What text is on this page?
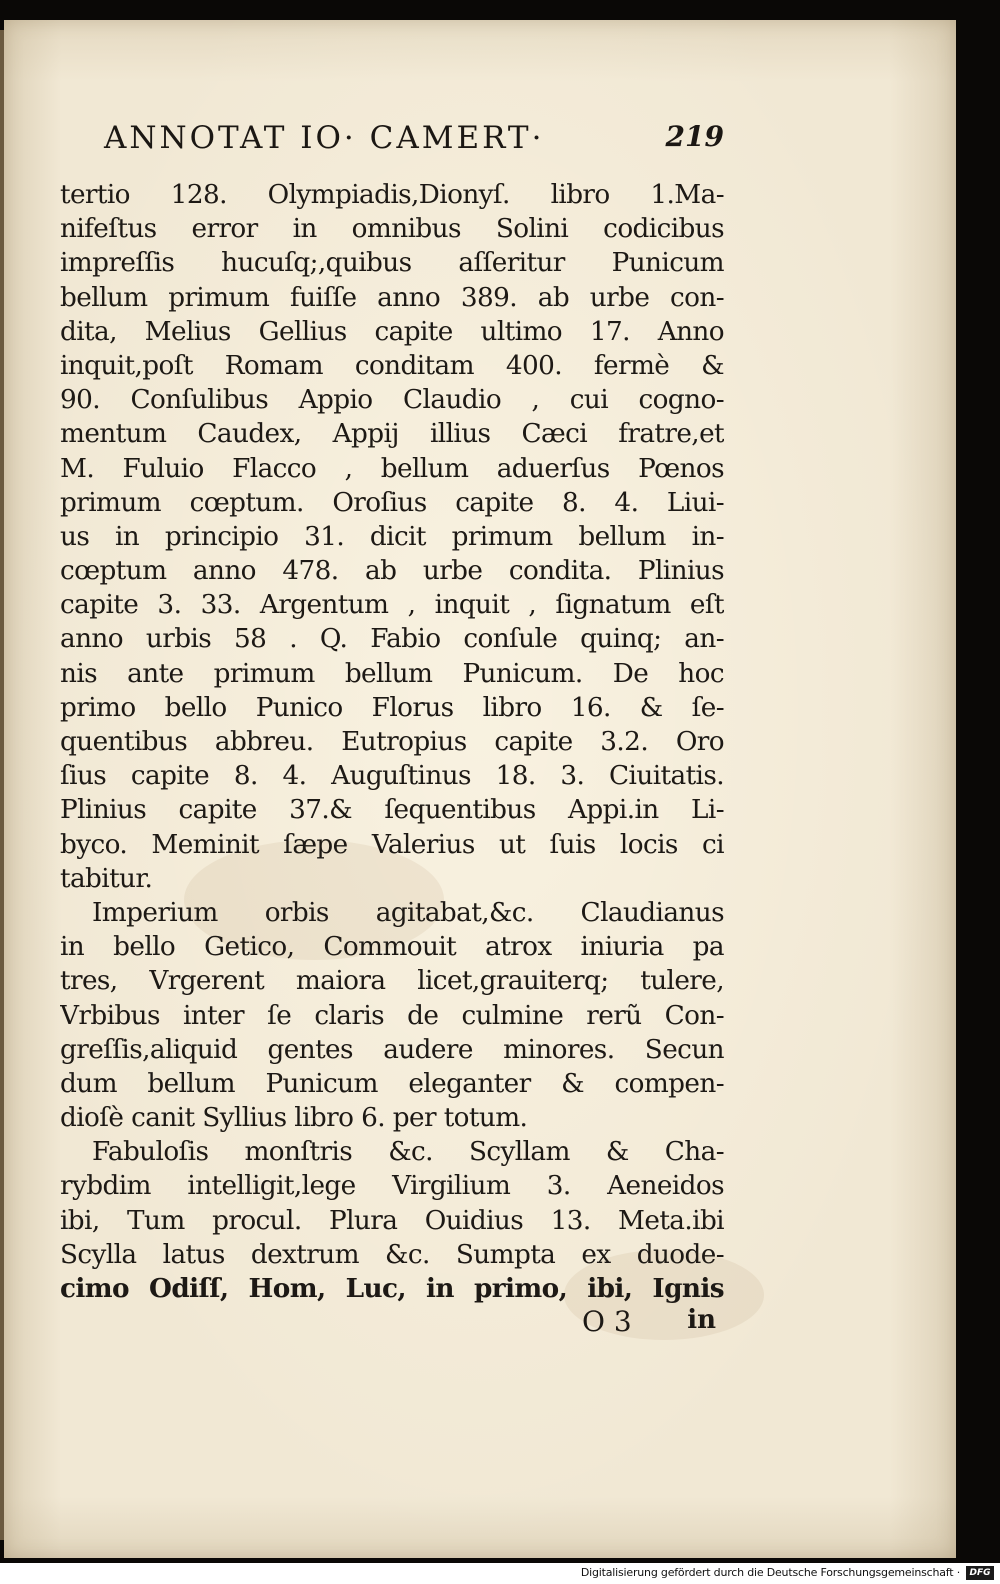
ANNOTAT IO· CAMERT·	219
tertio 128. Olympiadis,Dionyſ. libro 1.Ma-
nifeſtus error in omnibus Solini codicibus
impreſſis hucuſq;,quibus aſſeritur Punicum
bellum primum fuiſſe anno 389. ab urbe con-
dita, Melius Gellius capite ultimo 17. Anno
inquit,poſt Romam conditam 400. fermè &
90. Conſulibus Appio Claudio , cui cogno-
mentum Caudex, Appij illius Cæci fratre,et
M. Fuluio Flacco , bellum aduerſus Pœnos
primum cœptum. Oroſius capite 8. 4. Liui-
us in principio 31. dicit primum bellum in-
cœptum anno 478. ab urbe condita. Plinius
capite 3. 33. Argentum , inquit , ſignatum eſt
anno urbis 58 . Q. Fabio conſule quinq; an-
nis ante primum bellum Punicum. De hoc
primo bello Punico Florus libro 16. & ſe-
quentibus abbreu. Eutropius capite 3.2. Oro
ſius capite 8. 4. Auguſtinus 18. 3. Ciuitatis.
Plinius capite 37.& ſequentibus Appi.in Li-
byco. Meminit ſæpe Valerius ut ſuis locis ci
tabitur.
Imperium orbis agitabat,&c. Claudianus
in bello Getico, Commouit atrox iniuria pa
tres, Vrgerent maiora licet,grauiterq; tulere,
Vrbibus inter ſe claris de culmine rerũ Con-
greſſis,aliquid gentes audere minores. Secun
dum bellum Punicum eleganter & compen-
dioſè canit Syllius libro 6. per totum.
Fabuloſis monſtris &c. Scyllam & Cha-
rybdim intelligit,lege Virgilium 3. Aeneidos
ibi, Tum procul. Plura Ouidius 13. Meta.ibi
Scylla latus dextrum &c. Sumpta ex duode-
cimo Odiſſ, Hom, Luc, in primo, ibi, Ignis
O 3 in
Digitalisierung gefördert durch die Deutsche Forschungsgemeinschaft ·	DFG
